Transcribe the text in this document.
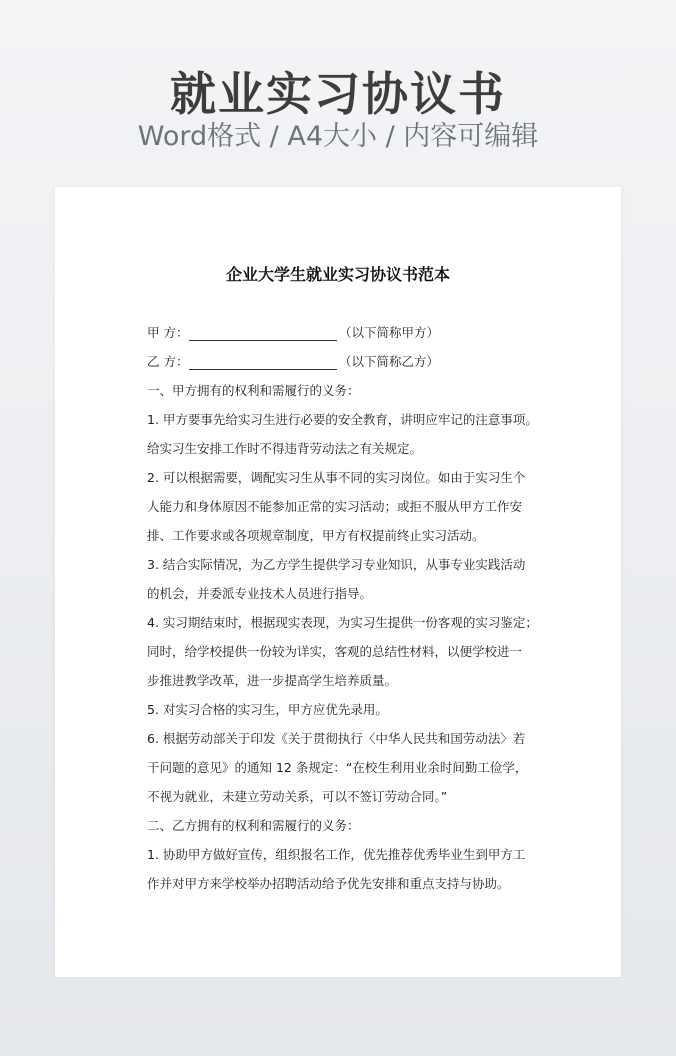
就业实习协议书
Word格式 / A4大小 / 内容可编辑
企业大学生就业实习协议书范本
甲 方：	（以下简称甲方）
乙 方：	（以下简称乙方）
一、甲方拥有的权利和需履行的义务：
1. 甲方要事先给实习生进行必要的安全教育，讲明应牢记的注意事项。
给实习生安排工作时不得违背劳动法之有关规定。
2. 可以根据需要，调配实习生从事不同的实习岗位。如由于实习生个
人能力和身体原因不能参加正常的实习活动；或拒不服从甲方工作安
排、工作要求或各项规章制度，甲方有权提前终止实习活动。
3. 结合实际情况，为乙方学生提供学习专业知识，从事专业实践活动
的机会，并委派专业技术人员进行指导。
4. 实习期结束时，根据现实表现，为实习生提供一份客观的实习鉴定；
同时，给学校提供一份较为详实，客观的总结性材料，以便学校进一
步推进教学改革，进一步提高学生培养质量。
5. 对实习合格的实习生，甲方应优先录用。
6. 根据劳动部关于印发《关于贯彻执行〈中华人民共和国劳动法〉若
干问题的意见》的通知 12 条规定：“在校生利用业余时间勤工俭学，
不视为就业，未建立劳动关系，可以不签订劳动合同。”
二、乙方拥有的权利和需履行的义务：
1. 协助甲方做好宣传，组织报名工作，优先推荐优秀毕业生到甲方工
作并对甲方来学校举办招聘活动给予优先安排和重点支持与协助。
